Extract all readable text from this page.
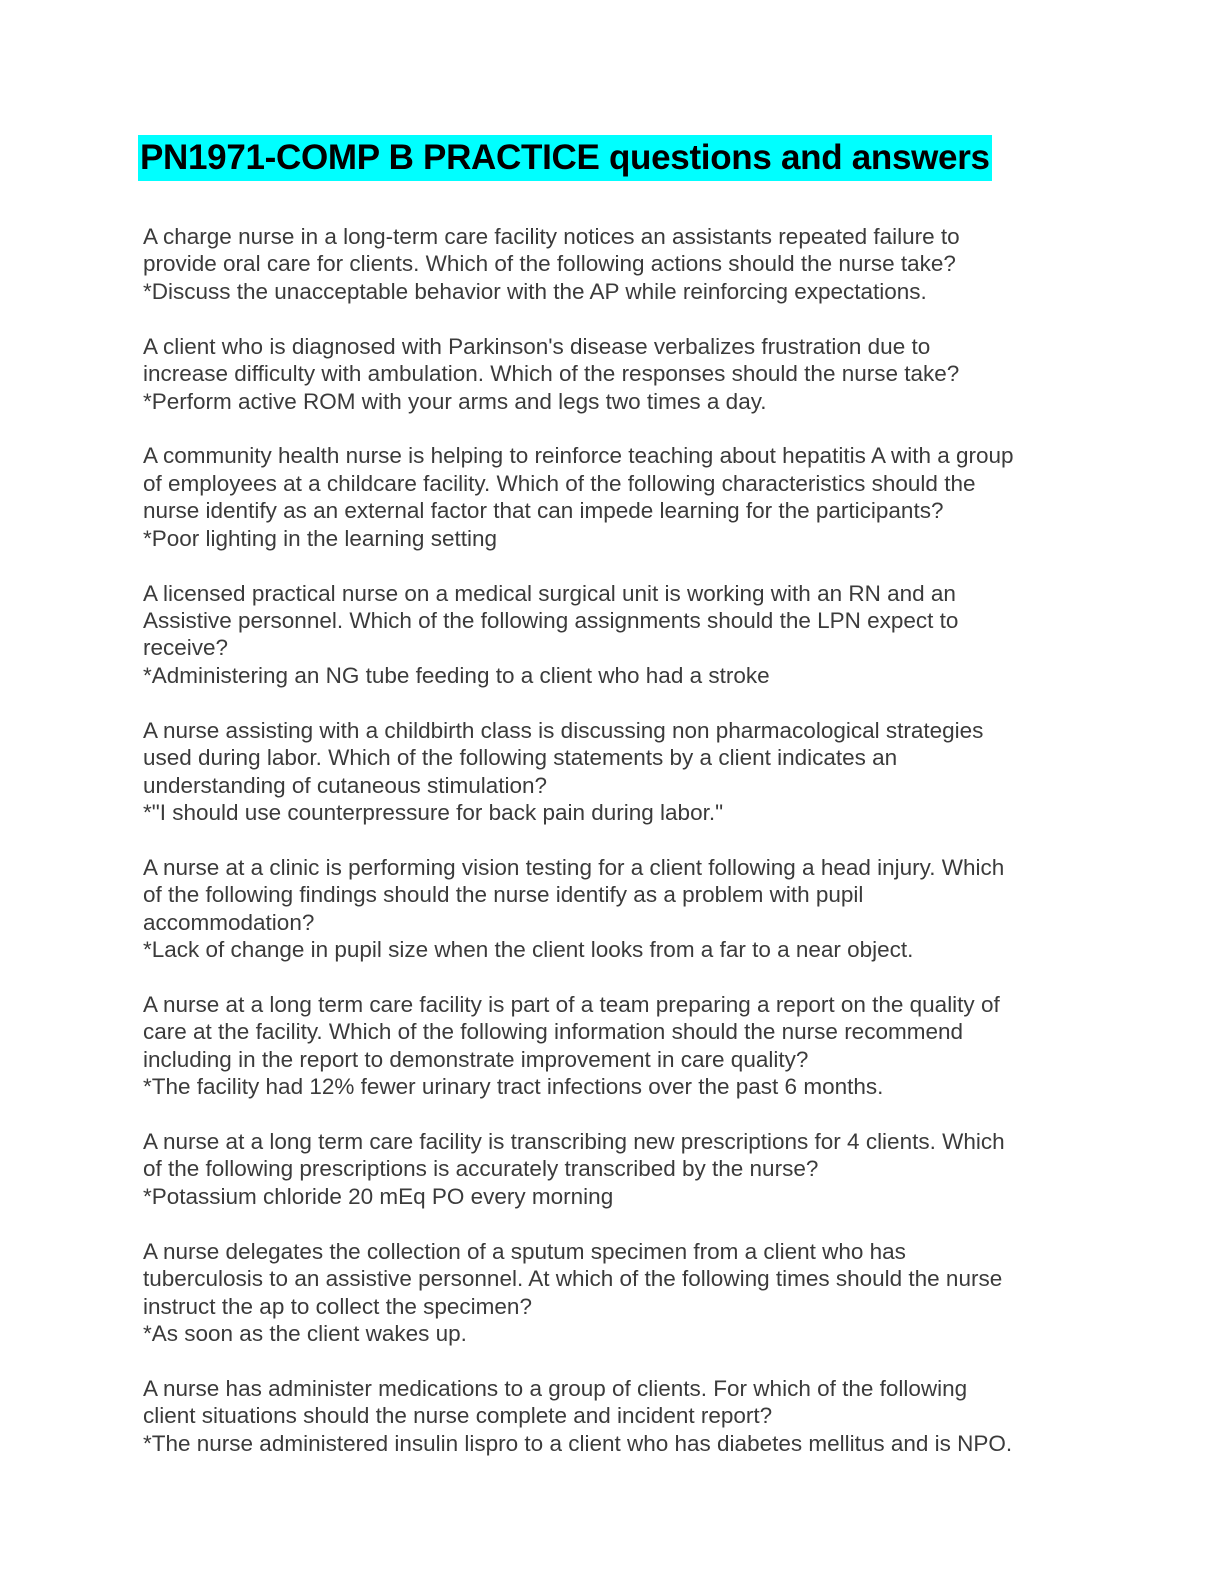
PN1971-COMP B PRACTICE questions and answers

A charge nurse in a long-term care facility notices an assistants repeated failure to

provide oral care for clients. Which of the following actions should the nurse take?

*Discuss the unacceptable behavior with the AP while reinforcing expectations.

A client who is diagnosed with Parkinson's disease verbalizes frustration due to

increase difficulty with ambulation. Which of the responses should the nurse take?

*Perform active ROM with your arms and legs two times a day.

A community health nurse is helping to reinforce teaching about hepatitis A with a group

of employees at a childcare facility. Which of the following characteristics should the

nurse identify as an external factor that can impede learning for the participants?

*Poor lighting in the learning setting

A licensed practical nurse on a medical surgical unit is working with an RN and an

Assistive personnel. Which of the following assignments should the LPN expect to

receive?

*Administering an NG tube feeding to a client who had a stroke

A nurse assisting with a childbirth class is discussing non pharmacological strategies

used during labor. Which of the following statements by a client indicates an

understanding of cutaneous stimulation?

*"I should use counterpressure for back pain during labor."

A nurse at a clinic is performing vision testing for a client following a head injury. Which

of the following findings should the nurse identify as a problem with pupil

accommodation?

*Lack of change in pupil size when the client looks from a far to a near object.

A nurse at a long term care facility is part of a team preparing a report on the quality of

care at the facility. Which of the following information should the nurse recommend

including in the report to demonstrate improvement in care quality?

*The facility had 12% fewer urinary tract infections over the past 6 months.

A nurse at a long term care facility is transcribing new prescriptions for 4 clients. Which

of the following prescriptions is accurately transcribed by the nurse?

*Potassium chloride 20 mEq PO every morning

A nurse delegates the collection of a sputum specimen from a client who has

tuberculosis to an assistive personnel. At which of the following times should the nurse

instruct the ap to collect the specimen?

*As soon as the client wakes up.

A nurse has administer medications to a group of clients. For which of the following

client situations should the nurse complete and incident report?

*The nurse administered insulin lispro to a client who has diabetes mellitus and is NPO.
